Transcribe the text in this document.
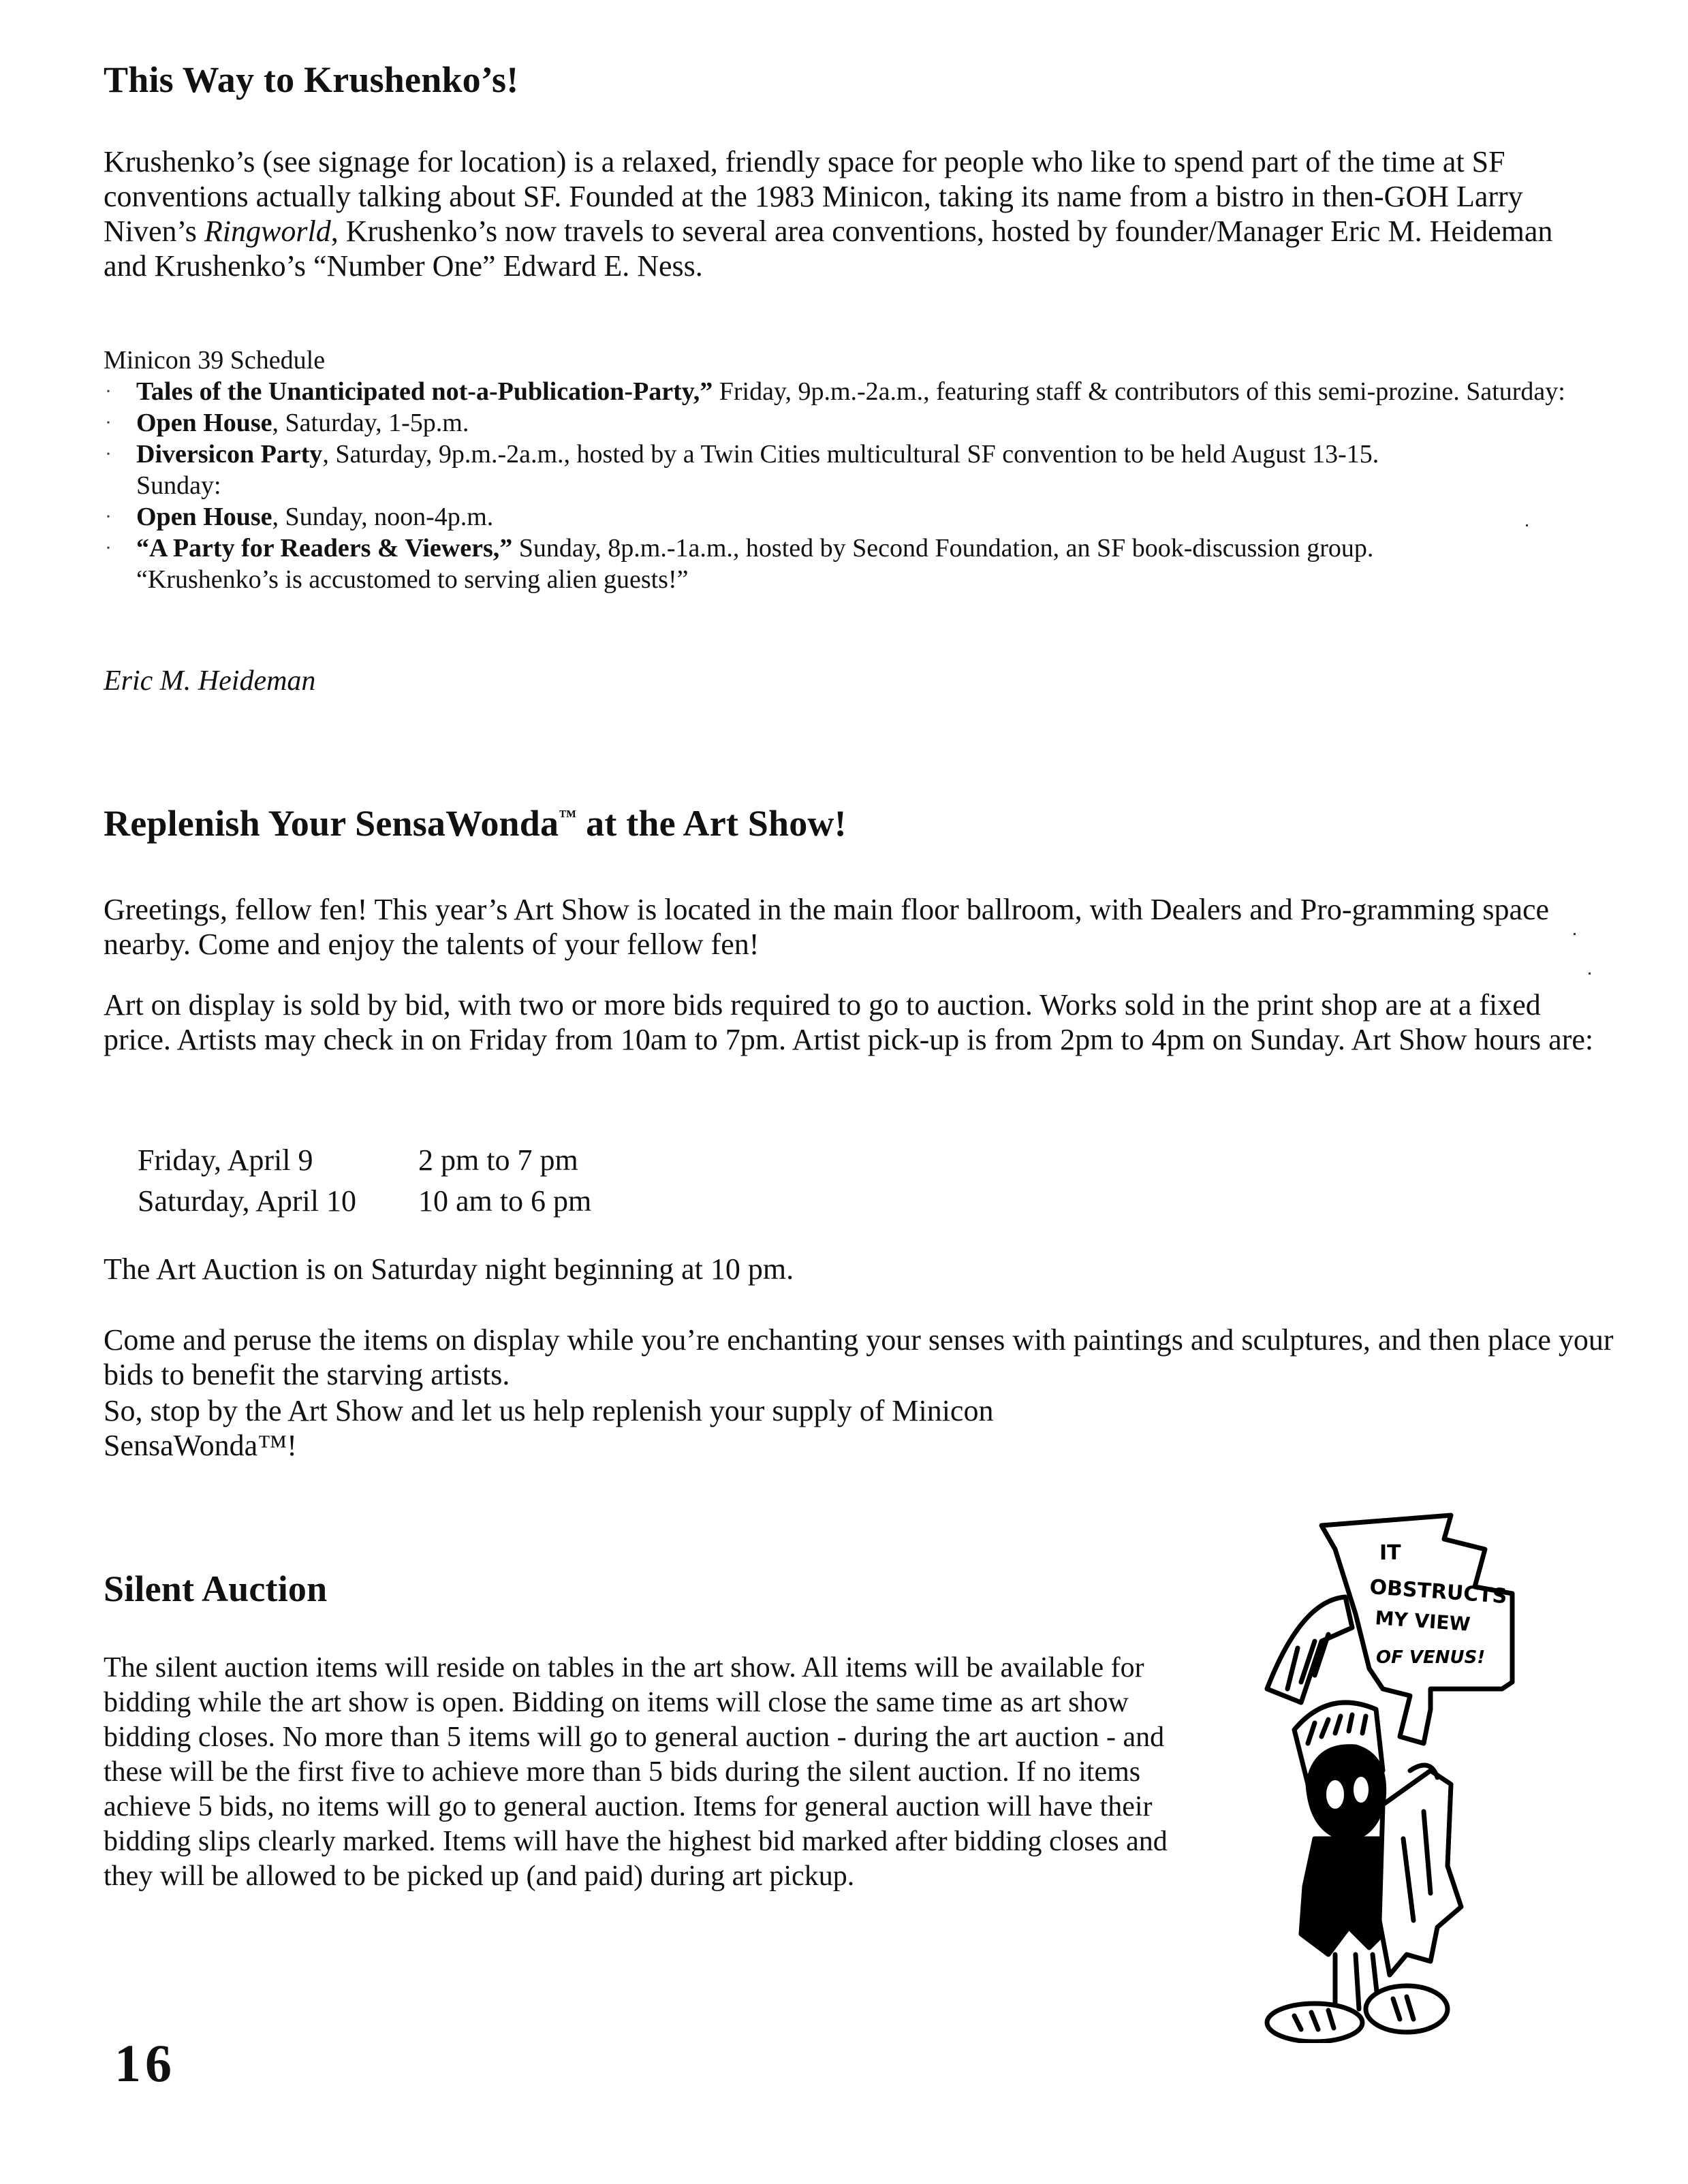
This Way to Krushenko’s!

Krushenko’s (see signage for location) is a relaxed, friendly space for people who like to spend part of the time at SF conventions actually talking about SF. Founded at the 1983 Minicon, taking its name from a bistro in then-GOH Larry Niven’s Ringworld, Krushenko’s now travels to several area conventions, hosted by founder/Manager Eric M. Heideman and Krushenko’s “Number One” Edward E. Ness.

Minicon 39 Schedule

· Tales of the Unanticipated not-a-Publication-Party,” Friday, 9p.m.-2a.m., featuring staff & contributors of this semi-prozine. Saturday:
· Open House, Saturday, 1-5p.m.
· Diversicon Party, Saturday, 9p.m.-2a.m., hosted by a Twin Cities multicultural SF convention to be held August 13-15.
Sunday:
· Open House, Sunday, noon-4p.m.
· “A Party for Readers & Viewers,” Sunday, 8p.m.-1a.m., hosted by Second Foundation, an SF book-discussion group.
“Krushenko’s is accustomed to serving alien guests!”

Eric M. Heideman

Replenish Your SensaWonda™ at the Art Show!

Greetings, fellow fen! This year’s Art Show is located in the main floor ballroom, with Dealers and Pro-gramming space nearby. Come and enjoy the talents of your fellow fen!

Art on display is sold by bid, with two or more bids required to go to auction. Works sold in the print shop are at a fixed price. Artists may check in on Friday from 10am to 7pm. Artist pick-up is from 2pm to 4pm on Sunday. Art Show hours are:

Friday, April 9	2 pm to 7 pm
Saturday, April 10	10 am to 6 pm

The Art Auction is on Saturday night beginning at 10 pm.

Come and peruse the items on display while you’re enchanting your senses with paintings and sculptures, and then place your bids to benefit the starving artists.

So, stop by the Art Show and let us help replenish your supply of Minicon SensaWonda™!

Silent Auction

The silent auction items will reside on tables in the art show. All items will be available for bidding while the art show is open. Bidding on items will close the same time as art show bidding closes. No more than 5 items will go to general auction - during the art auction - and these will be the first five to achieve more than 5 bids during the silent auction. If no items achieve 5 bids, no items will go to general auction. Items for general auction will have their bidding slips clearly marked. Items will have the highest bid marked after bidding closes and they will be allowed to be picked up (and paid) during art pickup.

16

IT
OBSTRUCTS
MY VIEW
OF VENUS!
